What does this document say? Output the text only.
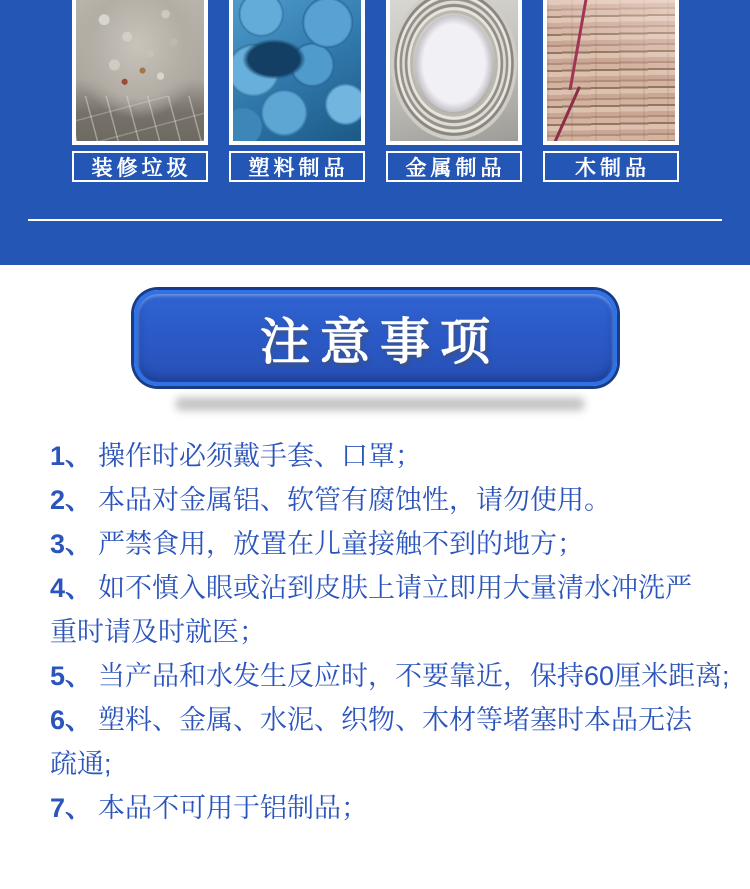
装修垃圾	塑料制品	金属制品	木制品
注意事项
1、 操作时必须戴手套、口罩；
2、 本品对金属铝、软管有腐蚀性，请勿使用。
3、 严禁食用，放置在儿童接触不到的地方；
4、 如不慎入眼或沾到皮肤上请立即用大量清水冲洗严
重时请及时就医；
5、 当产品和水发生反应时，不要靠近，保持60厘米距离;
6、 塑料、金属、水泥、织物、木材等堵塞时本品无法
疏通;
7、 本品不可用于铝制品；
